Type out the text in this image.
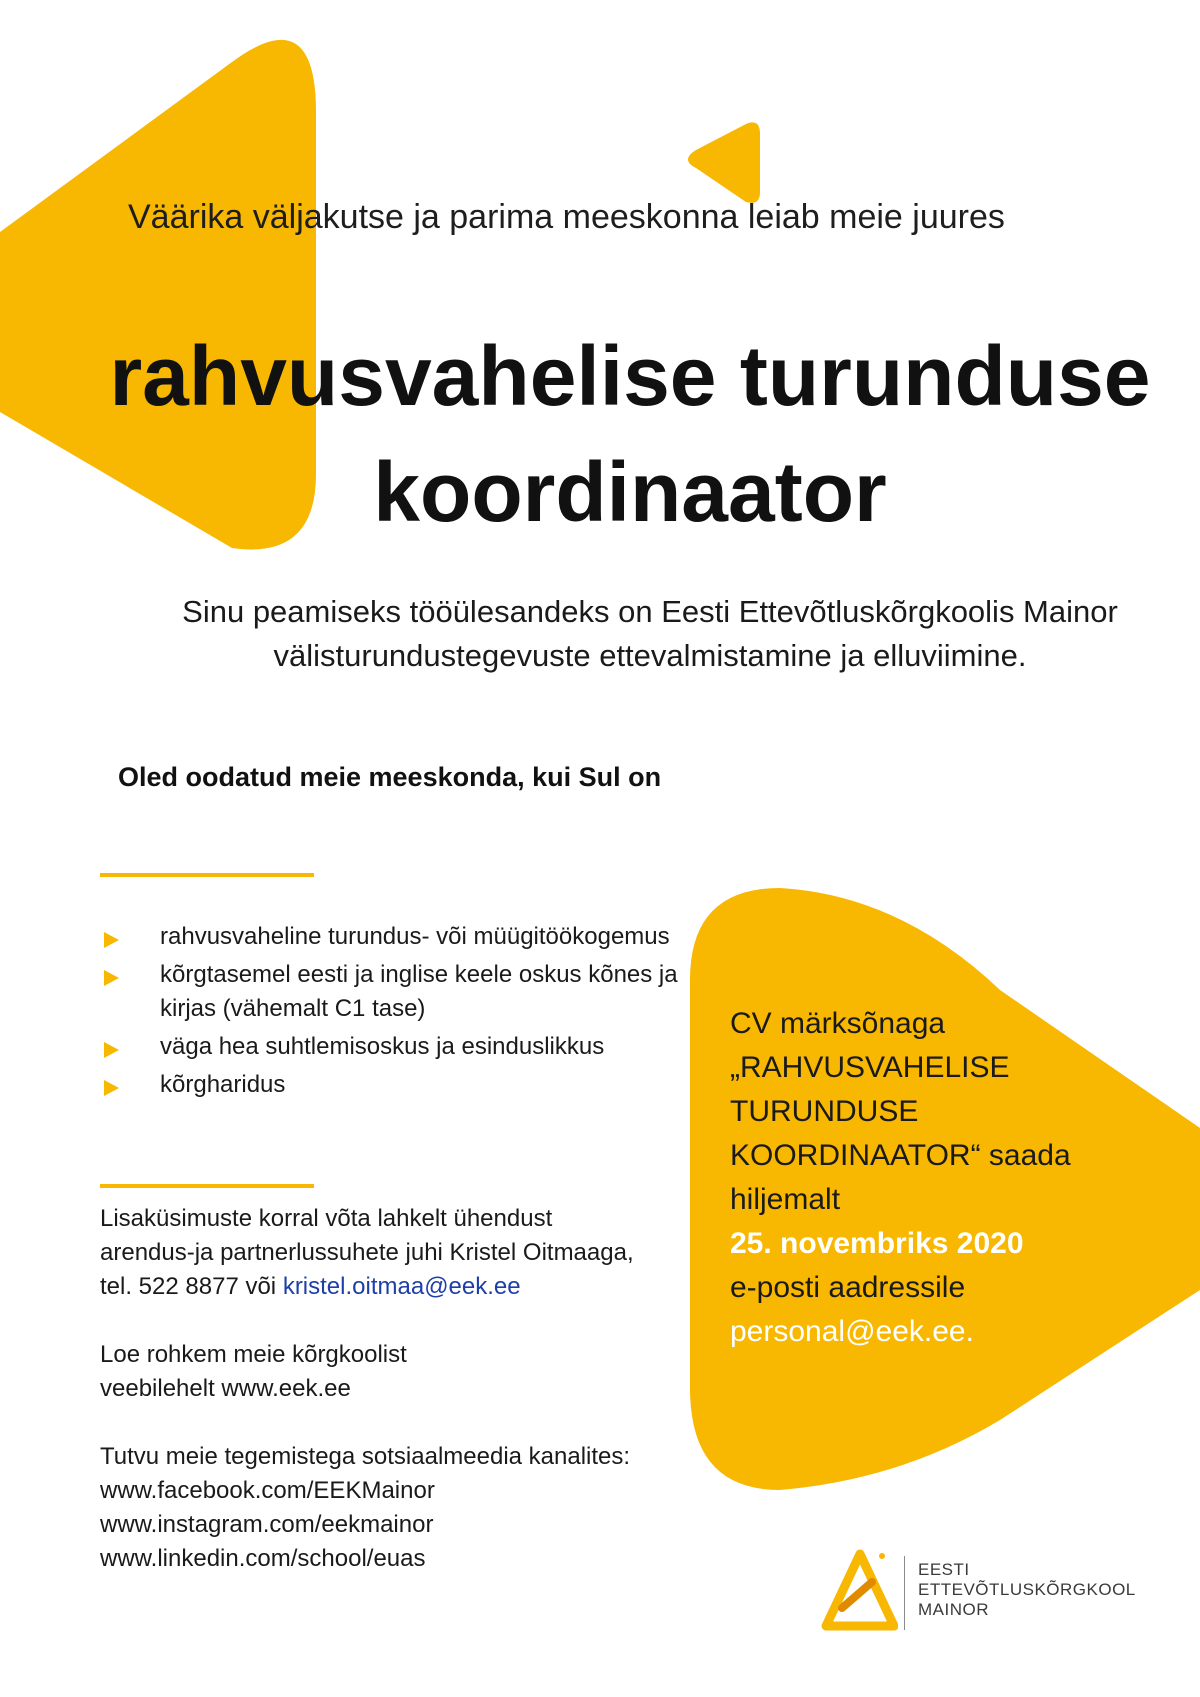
Väärika väljakutse ja parima meeskonna leiab meie juures
rahvusvahelise turunduse
koordinaator
Sinu peamiseks tööülesandeks on Eesti Ettevõtluskõrgkoolis Mainor
välisturundustegevuste ettevalmistamine ja elluviimine.
Oled oodatud meie meeskonda, kui Sul on
rahvusvaheline turundus- või müügitöökogemus
kõrgtasemel eesti ja inglise keele oskus kõnes ja kirjas (vähemalt C1 tase)
väga hea suhtlemisoskus ja esinduslikkus
kõrgharidus

Lisaküsimuste korral võta lahkelt ühendust
arendus-ja partnerlussuhete juhi Kristel Oitmaaga,
tel. 522 8877 või kristel.oitmaa@eek.ee

Loe rohkem meie kõrgkoolist
veebilehelt www.eek.ee

Tutvu meie tegemistega sotsiaalmeedia kanalites:
www.facebook.com/EEKMainor
www.instagram.com/eekmainor
www.linkedin.com/school/euas

CV märksõnaga
„RAHVUSVAHELISE
TURUNDUSE
KOORDINAATOR“ saada
hiljemalt
25. novembriks 2020
e-posti aadressile
personal@eek.ee.
EESTI
ETTEVÕTLUSKÕRGKOOL
MAINOR
